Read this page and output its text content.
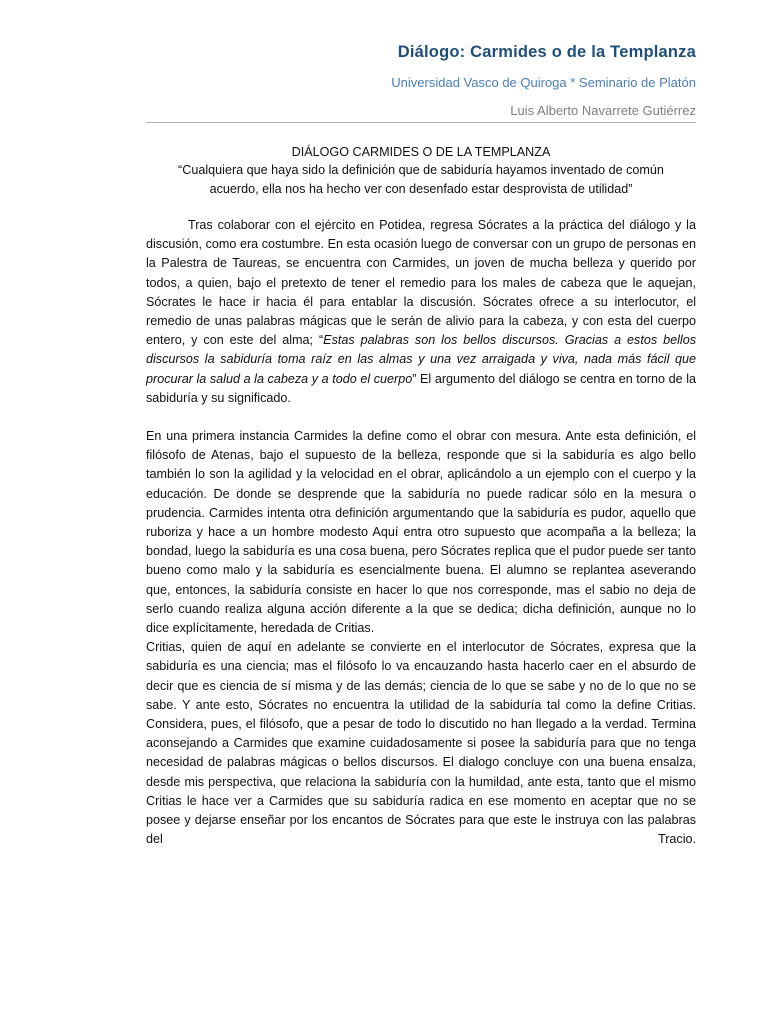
Diálogo: Carmides o de la Templanza
Universidad Vasco de Quiroga * Seminario de Platón
Luis Alberto Navarrete Gutiérrez

DIÁLOGO CARMIDES O DE LA TEMPLANZA

“Cualquiera que haya sido la definición que de sabiduría hayamos inventado de común
acuerdo, ella nos ha hecho ver con desenfado estar desprovista de utilidad”

Tras colaborar con el ejército en Potidea, regresa Sócrates a la práctica del diálogo y la discusión, como era costumbre. En esta ocasión luego de conversar con un grupo de personas en la Palestra de Taureas, se encuentra con Carmides, un joven de mucha belleza y querido por todos, a quien, bajo el pretexto de tener el remedio para los males de cabeza que le aquejan, Sócrates le hace ir hacia él para entablar la discusión. Sócrates ofrece a su interlocutor, el remedio de unas palabras mágicas que le serán de alivio para la cabeza, y con esta del cuerpo entero, y con este del alma; “Estas palabras son los bellos discursos. Gracias a estos bellos discursos la sabiduría toma raíz en las almas y una vez arraigada y viva, nada más fácil que procurar la salud a la cabeza y a todo el cuerpo” El argumento del diálogo se centra en torno de la sabiduría y su significado.

En una primera instancia Carmides la define como el obrar con mesura. Ante esta definición, el filósofo de Atenas, bajo el supuesto de la belleza, responde que si la sabiduría es algo bello también lo son la agilidad y la velocidad en el obrar, aplicándolo a un ejemplo con el cuerpo y la educación. De donde se desprende que la sabiduría no puede radicar sólo en la mesura o prudencia. Carmides intenta otra definición argumentando que la sabiduría es pudor, aquello que ruboriza y hace a un hombre modesto Aquí entra otro supuesto que acompaña a la belleza; la bondad, luego la sabiduría es una cosa buena, pero Sócrates replica que el pudor puede ser tanto bueno como malo y la sabiduría es esencialmente buena. El alumno se replantea aseverando que, entonces, la sabiduría consiste en hacer lo que nos corresponde, mas el sabio no deja de serlo cuando realiza alguna acción diferente a la que se dedica; dicha definición, aunque no lo dice explícitamente, heredada de Critias.

Critias, quien de aquí en adelante se convierte en el interlocutor de Sócrates, expresa que la sabiduría es una ciencia; mas el filósofo lo va encauzando hasta hacerlo caer en el absurdo de decir que es ciencia de sí misma y de las demás; ciencia de lo que se sabe y no de lo que no se sabe. Y ante esto, Sócrates no encuentra la utilidad de la sabiduría tal como la define Critias. Considera, pues, el filósofo, que a pesar de todo lo discutido no han llegado a la verdad. Termina aconsejando a Carmides que examine cuidadosamente si posee la sabiduría para que no tenga necesidad de palabras mágicas o bellos discursos. El dialogo concluye con una buena ensalza, desde mis perspectiva, que relaciona la sabiduría con la humildad, ante esta, tanto que el mismo Critias le hace ver a Carmides que su sabiduría radica en ese momento en aceptar que no se posee y dejarse enseñar por los encantos de Sócrates para que este le instruya con las palabras del Tracio.
